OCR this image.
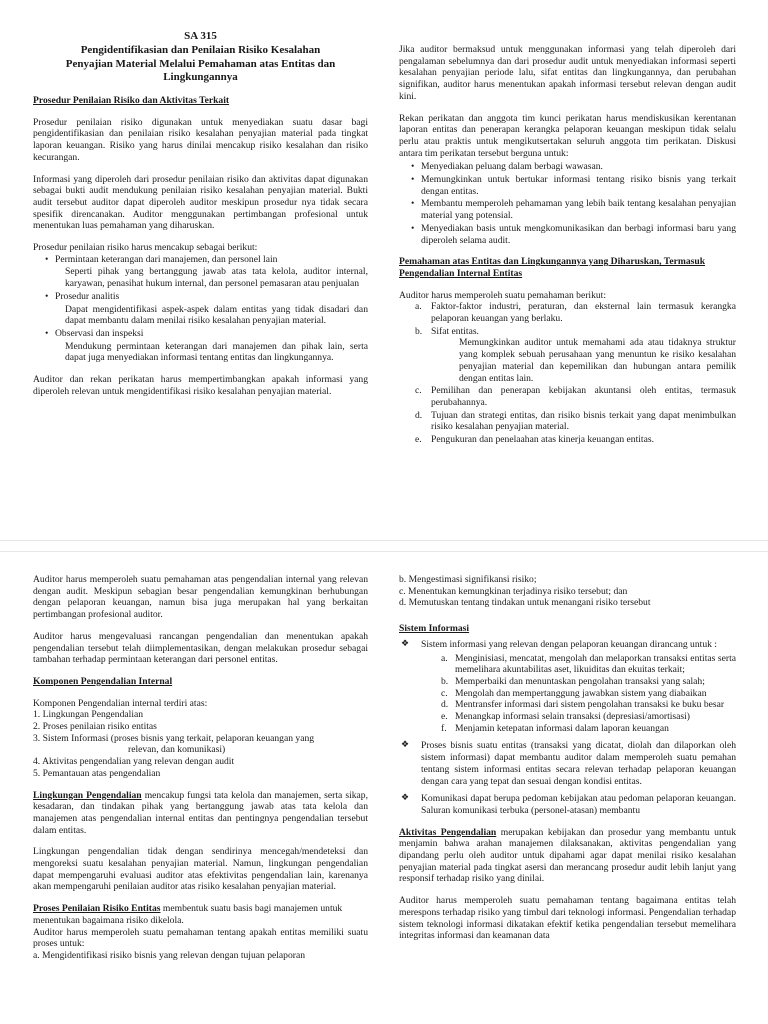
SA 315
Pengidentifikasian dan Penilaian Risiko Kesalahan
Penyajian Material Melalui Pemahaman atas Entitas dan
Lingkungannya
Prosedur Penilaian Risiko dan Aktivitas Terkait

Prosedur penilaian risiko digunakan untuk menyediakan suatu dasar bagi pengidentifikasian dan penilaian risiko kesalahan penyajian material pada tingkat laporan keuangan. Risiko yang harus dinilai mencakup risiko kesalahan dan risiko kecurangan.

Informasi yang diperoleh dari prosedur penilaian risiko dan aktivitas dapat digunakan sebagai bukti audit mendukung penilaian risiko kesalahan penyajian material. Bukti audit tersebut auditor dapat diperoleh auditor meskipun prosedur nya tidak secara spesifik direncanakan. Auditor menggunakan pertimbangan profesional untuk menentukan luas pemahaman yang diharuskan.

Prosedur penilaian risiko harus mencakup sebagai berikut:
• Permintaan keterangan dari manajemen, dan personel lain
Seperti pihak yang bertanggung jawab atas tata kelola, auditor internal, karyawan, penasihat hukum internal, dan personel pemasaran atau penjualan
• Prosedur analitis
Dapat mengidentifikasi aspek-aspek dalam entitas yang tidak disadari dan dapat membantu dalam menilai risiko kesalahan penyajian material.
• Observasi dan inspeksi
Mendukung permintaan keterangan dari manajemen dan pihak lain, serta dapat juga menyediakan informasi tentang entitas dan lingkungannya.

Auditor dan rekan perikatan harus mempertimbangkan apakah informasi yang diperoleh relevan untuk mengidentifikasi risiko kesalahan penyajian material.

Jika auditor bermaksud untuk menggunakan informasi yang telah diperoleh dari pengalaman sebelumnya dan dari prosedur audit untuk menyediakan informasi seperti kesalahan penyajian periode lalu, sifat entitas dan lingkungannya, dan perubahan signifikan, auditor harus menentukan apakah informasi tersebut relevan dengan audit kini.

Rekan perikatan dan anggota tim kunci perikatan harus mendiskusikan kerentanan laporan entitas dan penerapan kerangka pelaporan keuangan meskipun tidak selalu perlu atau praktis untuk mengikutsertakan seluruh anggota tim perikatan. Diskusi antara tim perikatan tersebut berguna untuk:

• Menyediakan peluang dalam berbagi wawasan.
• Memungkinkan untuk bertukar informasi tentang risiko bisnis yang terkait dengan entitas.
• Membantu memperoleh pehamaman yang lebih baik tentang kesalahan penyajian material yang potensial.
• Menyediakan basis untuk mengkomunikasikan dan berbagi informasi baru yang diperoleh selama audit.
Pemahaman atas Entitas dan Lingkungannya yang Diharuskan, Termasuk Pengendalian Internal Entitas
Auditor harus memperoleh suatu pemahaman berikut:
a. Faktor-faktor industri, peraturan, dan eksternal lain termasuk kerangka pelaporan keuangan yang berlaku.
b. Sifat entitas.
Memungkinkan auditor untuk memahami ada atau tidaknya struktur yang komplek sebuah perusahaan yang menuntun ke risiko kesalahan penyajian material dan kepemilikan dan hubungan antara pemilik dengan entitas lain.
c. Pemilihan dan penerapan kebijakan akuntansi oleh entitas, termasuk perubahannya.
d. Tujuan dan strategi entitas, dan risiko bisnis terkait yang dapat menimbulkan risiko kesalahan penyajian material.
e. Pengukuran dan penelaahan atas kinerja keuangan entitas.

Auditor harus memperoleh suatu pemahaman atas pengendalian internal yang relevan dengan audit. Meskipun sebagian besar pengendalian kemungkinan berhubungan dengan pelaporan keuangan, namun bisa juga merupakan hal yang berkaitan pertimbangan profesional auditor.

Auditor harus mengevaluasi rancangan pengendalian dan menentukan apakah pengendalian tersebut telah diimplementasikan, dengan melakukan prosedur sebagai tambahan terhadap permintaan keterangan dari personel entitas.

Komponen Pengendalian Internal
Komponen Pengendalian internal terdiri atas:
1. Lingkungan Pengendalian
2. Proses penilaian risiko entitas
3. Sistem Informasi (proses bisnis yang terkait, pelaporan keuangan yang
relevan, dan komunikasi)
4. Aktivitas pengendalian yang relevan dengan audit
5. Pemantauan atas pengendalian

Lingkungan Pengendalian mencakup fungsi tata kelola dan manajemen, serta sikap, kesadaran, dan tindakan pihak yang bertanggung jawab atas tata kelola dan manajemen atas pengendalian internal entitas dan pentingnya pengendalian tersebut dalam entitas.

Lingkungan pengendalian tidak dengan sendirinya mencegah/mendeteksi dan mengoreksi suatu kesalahan penyajian material. Namun, lingkungan pengendalian dapat mempengaruhi evaluasi auditor atas efektivitas pengendalian lain, karenanya akan mempengaruhi penilaian auditor atas risiko kesalahan penyajian material.

Proses Penilaian Risiko Entitas membentuk suatu basis bagi manajemen untuk menentukan bagaimana risiko dikelola.
Auditor harus memperoleh suatu pemahaman tentang apakah entitas memiliki suatu proses untuk:
a. Mengidentifikasi risiko bisnis yang relevan dengan tujuan pelaporan
b. Mengestimasi signifikansi risiko;
c. Menentukan kemungkinan terjadinya risiko tersebut; dan
d. Memutuskan tentang tindakan untuk menangani risiko tersebut
Sistem Informasi
❖ Sistem informasi yang relevan dengan pelaporan keuangan dirancang untuk :
a. Menginisiasi, mencatat, mengolah dan melaporkan transaksi entitas serta memelihara akuntabilitas aset, likuiditas dan ekuitas terkait;
b. Memperbaiki dan menuntaskan pengolahan transaksi yang salah;
c. Mengolah dan mempertanggung jawabkan sistem yang diabaikan
d. Mentransfer informasi dari sistem pengolahan transaksi ke buku besar
e. Menangkap informasi selain transaksi (depresiasi/amortisasi)
f. Menjamin ketepatan informasi dalam laporan keuangan
❖ Proses bisnis suatu entitas (transaksi yang dicatat, diolah dan dilaporkan oleh sistem informasi) dapat membantu auditor dalam memperoleh suatu pemahan tentang sistem informasi entitas secara relevan terhadap pelaporan keuangan dengan cara yang tepat dan sesuai dengan kondisi entitas.
❖ Komunikasi dapat berupa pedoman kebijakan atau pedoman pelaporan keuangan. Saluran komunikasi terbuka (personel-atasan) membantu

Aktivitas Pengendalian merupakan kebijakan dan prosedur yang membantu untuk menjamin bahwa arahan manajemen dilaksanakan, aktivitas pengendalian yang dipandang perlu oleh auditor untuk dipahami agar dapat menilai risiko kesalahan penyajian material pada tingkat asersi dan merancang prosedur audit lebih lanjut yang responsif terhadap risiko yang dinilai.

Auditor harus memperoleh suatu pemahaman tentang bagaimana entitas telah merespons terhadap risiko yang timbul dari teknologi informasi. Pengendalian terhadap sistem teknologi informasi dikatakan efektif ketika pengendalian tersebut memelihara integritas informasi dan keamanan data
